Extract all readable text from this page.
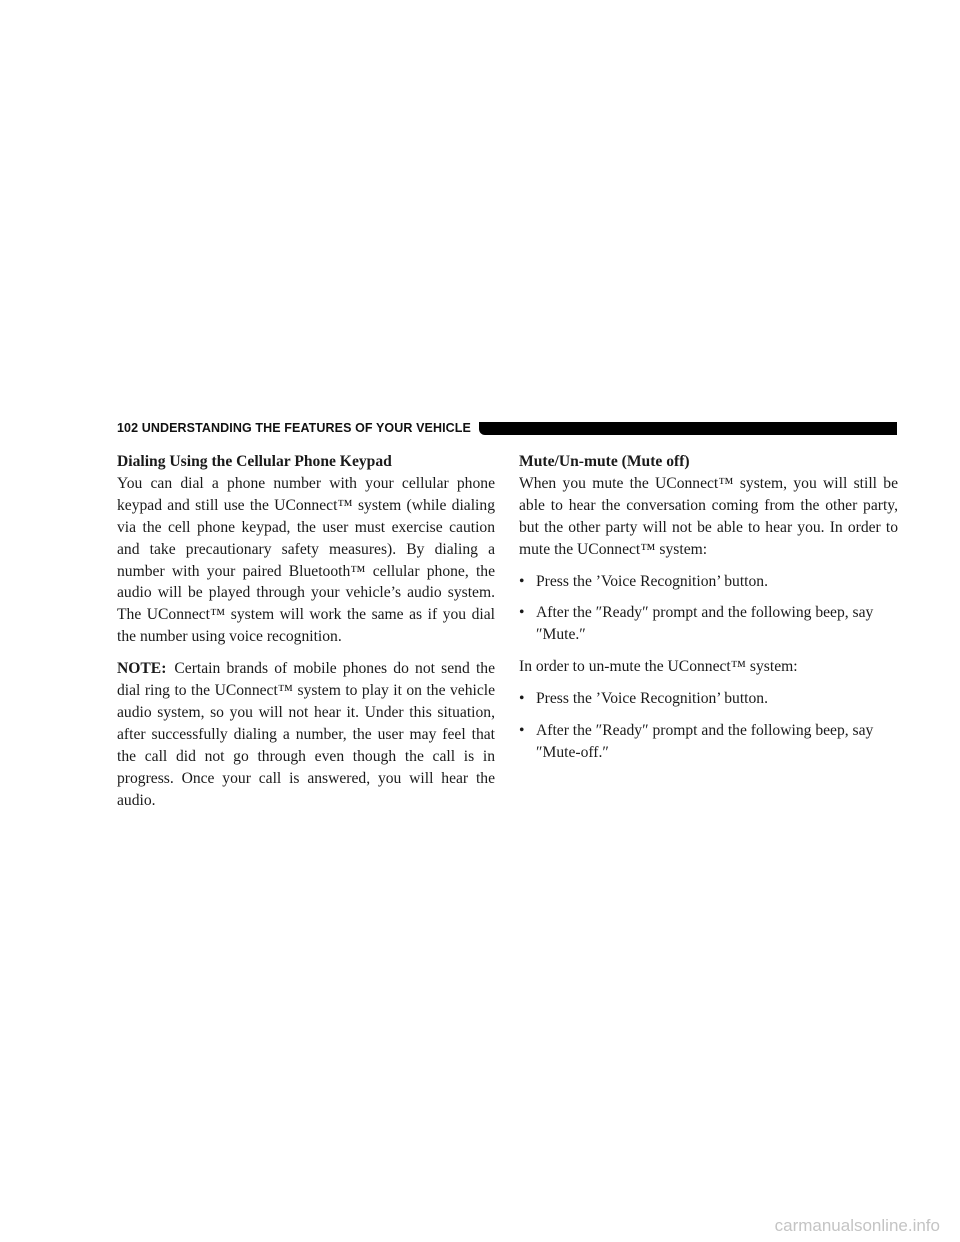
102 UNDERSTANDING THE FEATURES OF YOUR VEHICLE
Dialing Using the Cellular Phone Keypad

You can dial a phone number with your cellular phone keypad and still use the UConnect™ system (while dialing via the cell phone keypad, the user must exercise caution and take precautionary safety measures). By dialing a number with your paired Bluetooth™ cellular phone, the audio will be played through your vehicle’s audio system. The UConnect™ system will work the same as if you dial the number using voice recognition.

NOTE: Certain brands of mobile phones do not send the dial ring to the UConnect™ system to play it on the vehicle audio system, so you will not hear it. Under this situation, after successfully dialing a number, the user may feel that the call did not go through even though the call is in progress. Once your call is answered, you will hear the audio.

Mute/Un-mute (Mute off)

When you mute the UConnect™ system, you will still be able to hear the conversation coming from the other party, but the other party will not be able to hear you. In order to mute the UConnect™ system:

• Press the ’Voice Recognition’ button.
• After the ″Ready″ prompt and the following beep, say ″Mute.″

In order to un-mute the UConnect™ system:

• Press the ’Voice Recognition’ button.
• After the ″Ready″ prompt and the following beep, say ″Mute-off.″
carmanualsonline.info
